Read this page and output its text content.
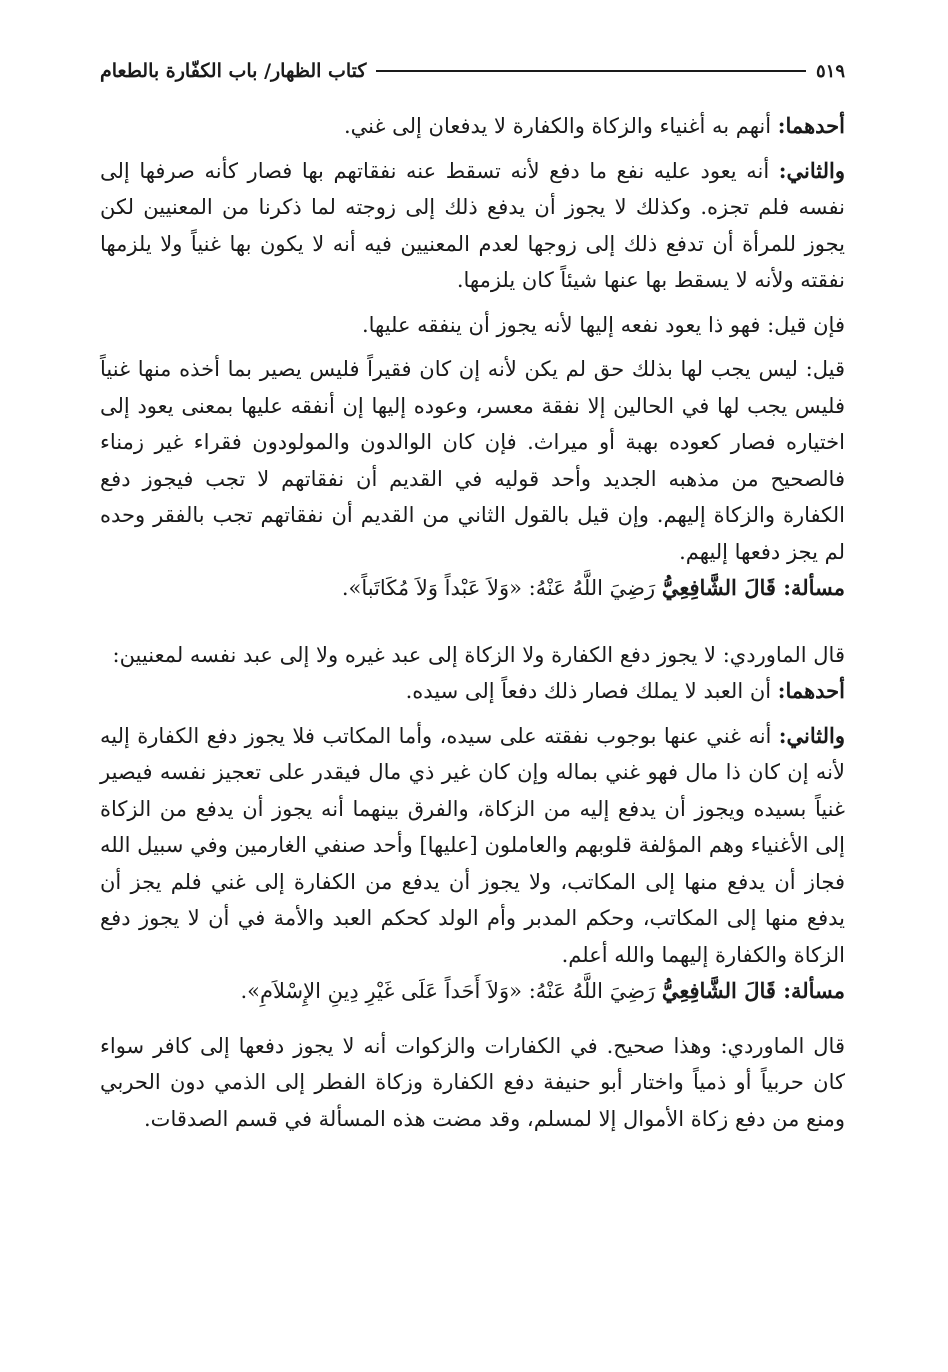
كتاب الظهار/ باب الكفّارة بالطعام	٥١٩

أحدهما: أنهم به أغنياء والزكاة والكفارة لا يدفعان إلى غني.

والثاني: أنه يعود عليه نفع ما دفع لأنه تسقط عنه نفقاتهم بها فصار كأنه صرفها إلى نفسه فلم تجزه. وكذلك لا يجوز أن يدفع ذلك إلى زوجته لما ذكرنا من المعنيين لكن يجوز للمرأة أن تدفع ذلك إلى زوجها لعدم المعنيين فيه أنه لا يكون بها غنياً ولا يلزمها نفقته ولأنه لا يسقط بها عنها شيئاً كان يلزمها.

فإن قيل: فهو ذا يعود نفعه إليها لأنه يجوز أن ينفقه عليها.

قيل: ليس يجب لها بذلك حق لم يكن لأنه إن كان فقيراً فليس يصير بما أخذه منها غنياً فليس يجب لها في الحالين إلا نفقة معسر، وعوده إليها إن أنفقه عليها بمعنى يعود إلى اختياره فصار كعوده بهبة أو ميراث. فإن كان الوالدون والمولودون فقراء غير زمناء فالصحيح من مذهبه الجديد وأحد قوليه في القديم أن نفقاتهم لا تجب فيجوز دفع الكفارة والزكاة إليهم. وإن قيل بالقول الثاني من القديم أن نفقاتهم تجب بالفقر وحده لم يجز دفعها إليهم.

مسألة: قَالَ الشَّافِعِيُّ رَضِيَ اللَّهُ عَنْهُ: «وَلاَ عَبْداً وَلاَ مُكَاتَباً».

قال الماوردي: لا يجوز دفع الكفارة ولا الزكاة إلى عبد غيره ولا إلى عبد نفسه لمعنيين:

أحدهما: أن العبد لا يملك فصار ذلك دفعاً إلى سيده.

والثاني: أنه غني عنها بوجوب نفقته على سيده، وأما المكاتب فلا يجوز دفع الكفارة إليه لأنه إن كان ذا مال فهو غني بماله وإن كان غير ذي مال فيقدر على تعجيز نفسه فيصير غنياً بسيده ويجوز أن يدفع إليه من الزكاة، والفرق بينهما أنه يجوز أن يدفع من الزكاة إلى الأغنياء وهم المؤلفة قلوبهم والعاملون [عليها] وأحد صنفي الغارمين وفي سبيل الله فجاز أن يدفع منها إلى المكاتب، ولا يجوز أن يدفع من الكفارة إلى غني فلم يجز أن يدفع منها إلى المكاتب، وحكم المدبر وأم الولد كحكم العبد والأمة في أن لا يجوز دفع الزكاة والكفارة إليهما والله أعلم.

مسألة: قَالَ الشَّافِعِيُّ رَضِيَ اللَّهُ عَنْهُ: «وَلاَ أَحَداً عَلَى غَيْرِ دِينِ الإِسْلاَمِ».

قال الماوردي: وهذا صحيح. في الكفارات والزكوات أنه لا يجوز دفعها إلى كافر سواء كان حربياً أو ذمياً واختار أبو حنيفة دفع الكفارة وزكاة الفطر إلى الذمي دون الحربي ومنع من دفع زكاة الأموال إلا لمسلم، وقد مضت هذه المسألة في قسم الصدقات.
